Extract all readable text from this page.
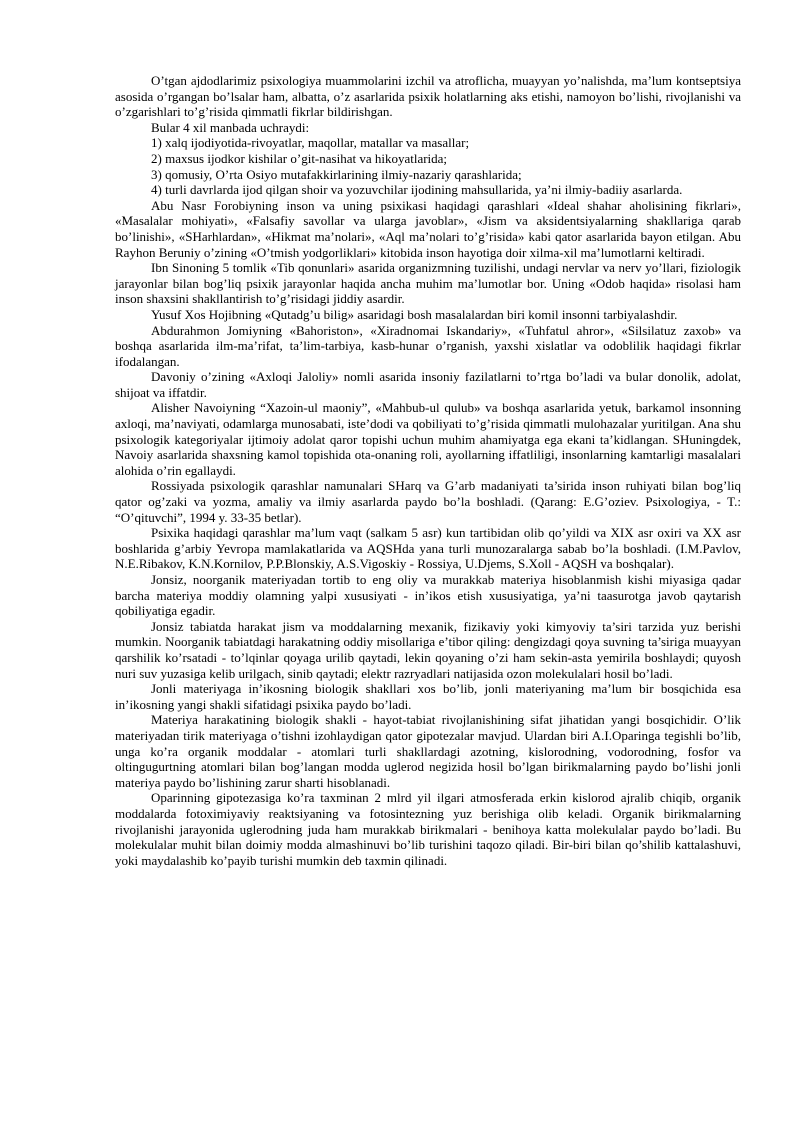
O’tgan ajdodlarimiz psixologiya muammolarini izchil va atroflicha, muayyan yo’nalishda, ma’lum kontseptsiya asosida o’rgangan bo’lsalar ham, albatta, o’z asarlarida psixik holatlarning aks etishi, namoyon bo’lishi, rivojlanishi va o’zgarishlari to’g’risida qimmatli fikrlar bildirishgan.

Bular 4 xil manbada uchraydi:

1) xalq ijodiyotida-rivoyatlar, maqollar, matallar va masallar;

2) maxsus ijodkor kishilar o’git-nasihat va hikoyatlarida;

3) qomusiy, O’rta Osiyo mutafakkirlarining ilmiy-nazariy qarashlarida;

4) turli davrlarda ijod qilgan shoir va yozuvchilar ijodining mahsullarida, ya’ni ilmiy-badiiy asarlarda.

Abu Nasr Forobiyning inson va uning psixikasi haqidagi qarashlari «Ideal shahar aholisining fikrlari», «Masalalar mohiyati», «Falsafiy savollar va ularga javoblar», «Jism va aksidentsiyalarning shakllariga qarab bo’linishi», «SHarhlardan», «Hikmat ma’nolari», «Aql ma’nolari to’g’risida» kabi qator asarlarida bayon etilgan. Abu Rayhon Beruniy o’zining «O’tmish yodgorliklari» kitobida inson hayotiga doir xilma-xil ma’lumotlarni keltiradi.

Ibn Sinoning 5 tomlik «Tib qonunlari» asarida organizmning tuzilishi, undagi nervlar va nerv yo’llari, fiziologik jarayonlar bilan bog’liq psixik jarayonlar haqida ancha muhim ma’lumotlar bor. Uning «Odob haqida» risolasi ham inson shaxsini shakllantirish to’g’risidagi jiddiy asardir.

Yusuf Xos Hojibning «Qutadg’u bilig» asaridagi bosh masalalardan biri komil insonni tarbiyalashdir.

Abdurahmon Jomiyning «Bahoriston», «Xiradnomai Iskandariy», «Tuhfatul ahror», «Silsilatuz zaxob» va boshqa asarlarida ilm-ma’rifat, ta’lim-tarbiya, kasb-hunar o’rganish, yaxshi xislatlar va odoblilik haqidagi fikrlar ifodalangan.

Davoniy o’zining «Axloqi Jaloliy» nomli asarida insoniy fazilatlarni to’rtga bo’ladi va bular donolik, adolat, shijoat va iffatdir.

Alisher Navoiyning “Xazoin-ul maoniy”, «Mahbub-ul qulub» va boshqa asarlarida yetuk, barkamol insonning axloqi, ma’naviyati, odamlarga munosabati, iste’dodi va qobiliyati to’g’risida qimmatli mulohazalar yuritilgan. Ana shu psixologik kategoriyalar ijtimoiy adolat qaror topishi uchun muhim ahamiyatga ega ekani ta’kidlangan. SHuningdek, Navoiy asarlarida shaxsning kamol topishida ota-onaning roli, ayollarning iffatliligi, insonlarning kamtarligi masalalari alohida o’rin egallaydi.

Rossiyada psixologik qarashlar namunalari SHarq va G’arb madaniyati ta’sirida inson ruhiyati bilan bog’liq qator og’zaki va yozma, amaliy va ilmiy asarlarda paydo bo’la boshladi. (Qarang: E.G’oziev. Psixologiya, - T.: “O’qituvchi”, 1994 y. 33-35 betlar).

Psixika haqidagi qarashlar ma’lum vaqt (salkam 5 asr) kun tartibidan olib qo’yildi va XIX asr oxiri va XX asr boshlarida g’arbiy Yevropa mamlakatlarida va AQSHda yana turli munozaralarga sabab bo’la boshladi. (I.M.Pavlov, N.E.Ribakov, K.N.Kornilov, P.P.Blonskiy, A.S.Vigoskiy - Rossiya, U.Djems, S.Xoll - AQSH va boshqalar).

Jonsiz, noorganik materiyadan tortib to eng oliy va murakkab materiya hisoblanmish kishi miyasiga qadar barcha materiya moddiy olamning yalpi xususiyati - in’ikos etish xususiyatiga, ya’ni taasurotga javob qaytarish qobiliyatiga egadir.

Jonsiz tabiatda harakat jism va moddalarning mexanik, fizikaviy yoki kimyoviy ta’siri tarzida yuz berishi mumkin. Noorganik tabiatdagi harakatning oddiy misollariga e’tibor qiling: dengizdagi qoya suvning ta’siriga muayyan qarshilik ko’rsatadi - to’lqinlar qoyaga urilib qaytadi, lekin qoyaning o’zi ham sekin-asta yemirila boshlaydi; quyosh nuri suv yuzasiga kelib urilgach, sinib qaytadi; elektr razryadlari natijasida ozon molekulalari hosil bo’ladi.

Jonli materiyaga in’ikosning biologik shakllari xos bo’lib, jonli materiyaning ma’lum bir bosqichida esa in’ikosning yangi shakli sifatidagi psixika paydo bo’ladi.

Materiya harakatining biologik shakli - hayot-tabiat rivojlanishining sifat jihatidan yangi bosqichidir. O’lik materiyadan tirik materiyaga o’tishni izohlaydigan qator gipotezalar mavjud. Ulardan biri A.I.Oparinga tegishli bo’lib, unga ko’ra organik moddalar - atomlari turli shakllardagi azotning, kislorodning, vodorodning, fosfor va oltingugurtning atomlari bilan bog’langan modda uglerod negizida hosil bo’lgan birikmalarning paydo bo’lishi jonli materiya paydo bo’lishining zarur sharti hisoblanadi.

Oparinning gipotezasiga ko’ra taxminan 2 mlrd yil ilgari atmosferada erkin kislorod ajralib chiqib, organik moddalarda fotoximiyaviy reaktsiyaning va fotosintezning yuz berishiga olib keladi. Organik birikmalarning rivojlanishi jarayonida uglerodning juda ham murakkab birikmalari - benihoya katta molekulalar paydo bo’ladi. Bu molekulalar muhit bilan doimiy modda almashinuvi bo’lib turishini taqozo qiladi. Bir-biri bilan qo’shilib kattalashuvi, yoki maydalashib ko’payib turishi mumkin deb taxmin qilinadi.
